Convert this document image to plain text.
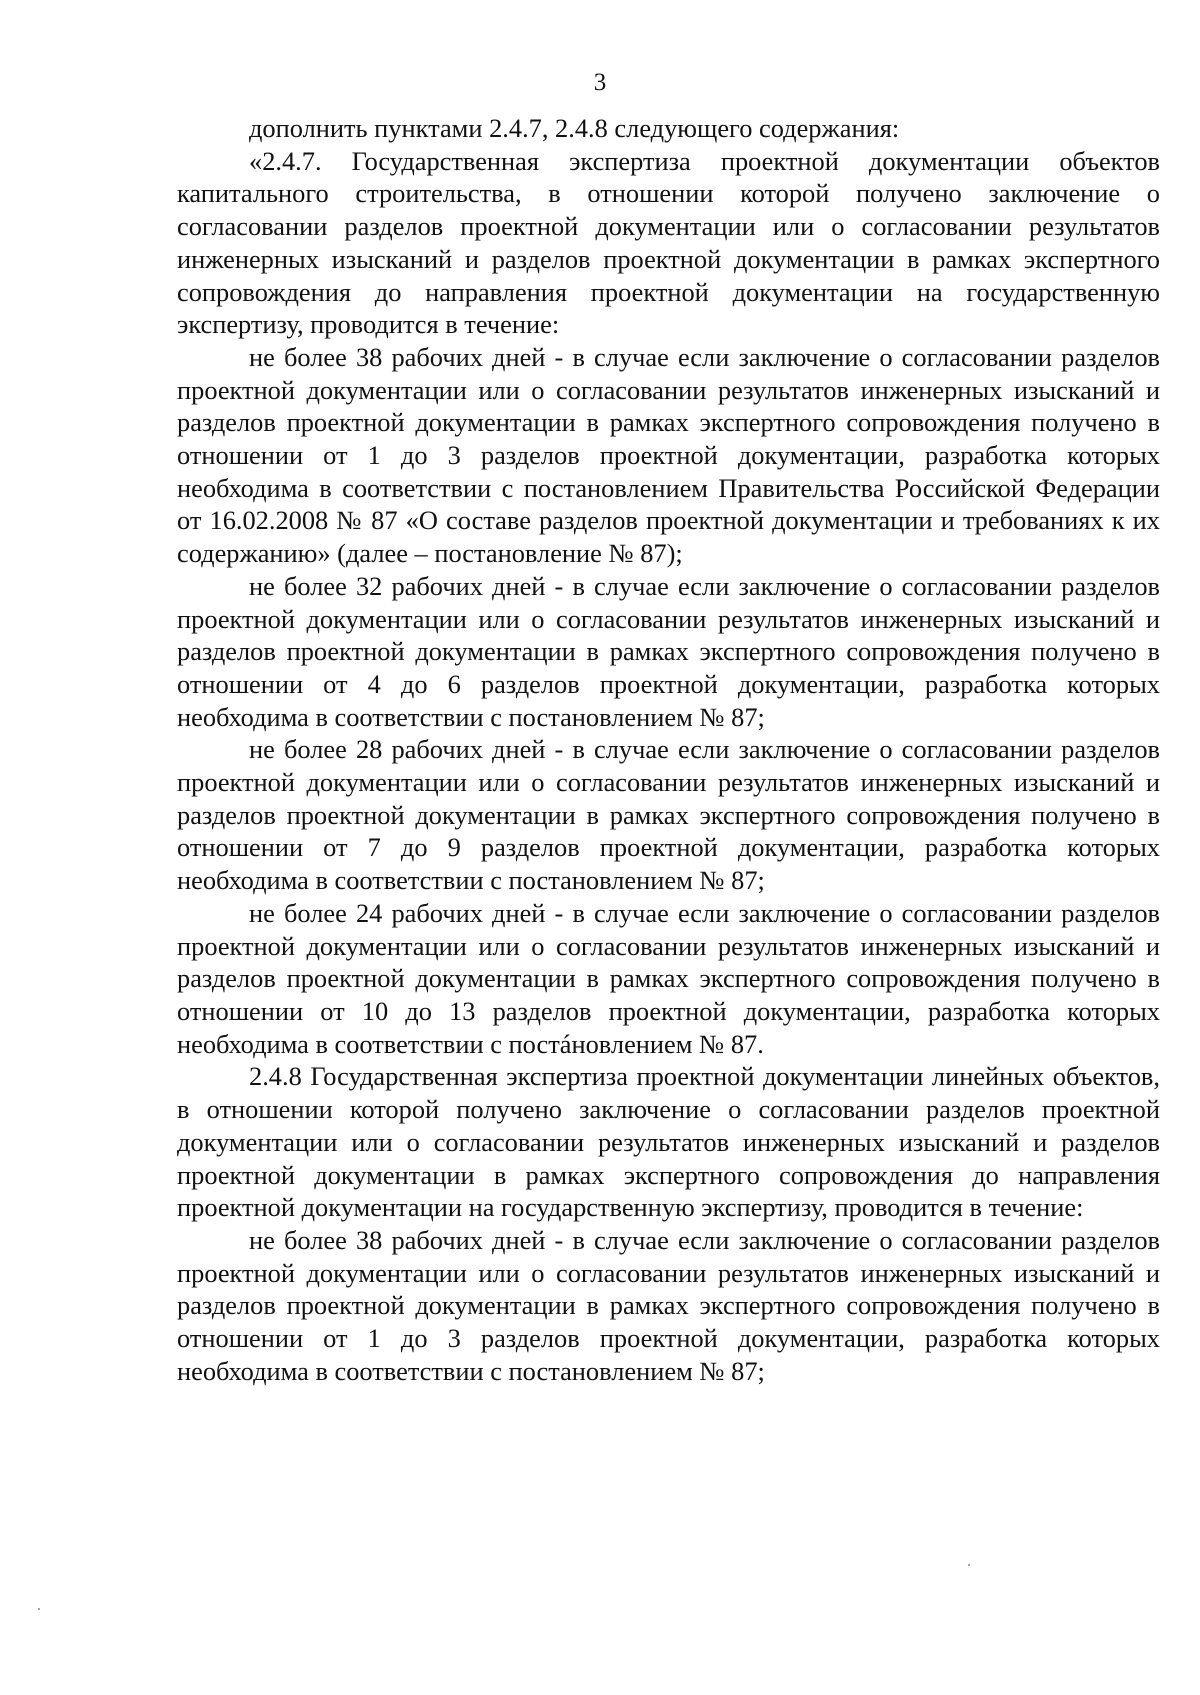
3

дополнить пунктами 2.4.7, 2.4.8 следующего содержания:

«2.4.7. Государственная экспертиза проектной документации объектов капитального строительства, в отношении которой получено заключение о согласовании разделов проектной документации или о согласовании результатов инженерных изысканий и разделов проектной документации в рамках экспертного сопровождения до направления проектной документации на государственную экспертизу, проводится в течение:

не более 38 рабочих дней - в случае если заключение о согласовании разделов проектной документации или о согласовании результатов инженерных изысканий и разделов проектной документации в рамках экспертного сопровождения получено в отношении от 1 до 3 разделов проектной документации, разработка которых необходима в соответствии с постановлением Правительства Российской Федерации от 16.02.2008 № 87 «О составе разделов проектной документации и требованиях к их содержанию» (далее – постановление № 87);

не более 32 рабочих дней - в случае если заключение о согласовании разделов проектной документации или о согласовании результатов инженерных изысканий и разделов проектной документации в рамках экспертного сопровождения получено в отношении от 4 до 6 разделов проектной документации, разработка которых необходима в соответствии с постановлением № 87;

не более 28 рабочих дней - в случае если заключение о согласовании разделов проектной документации или о согласовании результатов инженерных изысканий и разделов проектной документации в рамках экспертного сопровождения получено в отношении от 7 до 9 разделов проектной документации, разработка которых необходима в соответствии с постановлением № 87;

не более 24 рабочих дней - в случае если заключение о согласовании разделов проектной документации или о согласовании результатов инженерных изысканий и разделов проектной документации в рамках экспертного сопровождения получено в отношении от 10 до 13 разделов проектной документации, разработка которых необходима в соответствии с постáновлением № 87.

2.4.8 Государственная экспертиза проектной документации линейных объектов, в отношении которой получено заключение о согласовании разделов проектной документации или о согласовании результатов инженерных изысканий и разделов проектной документации в рамках экспертного сопровождения до направления проектной документации на государственную экспертизу, проводится в течение:

не более 38 рабочих дней - в случае если заключение о согласовании разделов проектной документации или о согласовании результатов инженерных изысканий и разделов проектной документации в рамках экспертного сопровождения получено в отношении от 1 до 3 разделов проектной документации, разработка которых необходима в соответствии с постановлением № 87;
